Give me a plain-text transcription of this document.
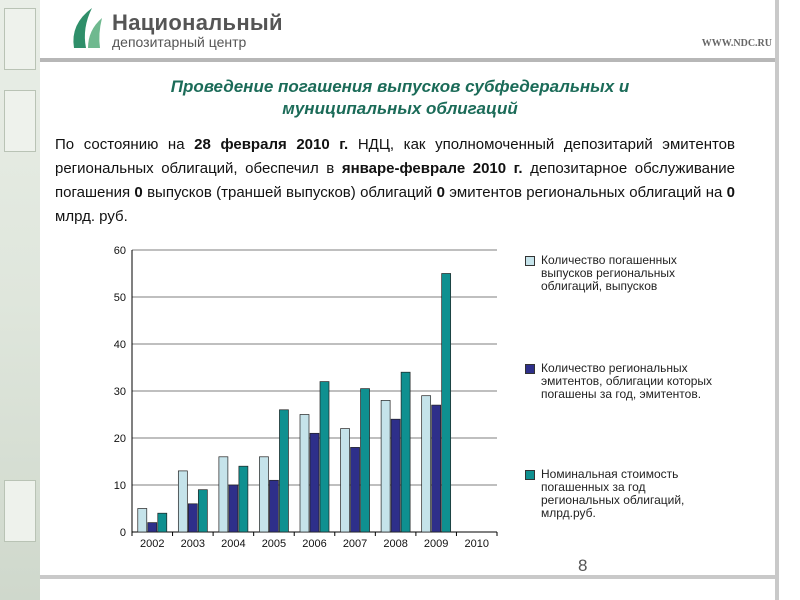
Национальный
депозитарный центр	WWW.NDC.RU
Проведение погашения выпусков субфедеральных и
муниципальных облигаций
По состоянию на 28 февраля 2010 г. НДЦ, как уполномоченный депозитарий эмитентов региональных облигаций, обеспечил в январе-феврале 2010 г. депозитарное обслуживание погашения 0 выпусков (траншей выпусков) облигаций 0 эмитентов региональных облигаций на 0 млрд. руб.
0
10
20
30
40
50
60
2002 2003 2004 2005 2006 2007 2008 2009 2010
Количество погашенных выпусков региональных облигаций, выпусков
Количество региональных эмитентов, облигации которых погашены за год, эмитентов.
Номинальная стоимость погашенных за год региональных облигаций, млрд.руб.
8
